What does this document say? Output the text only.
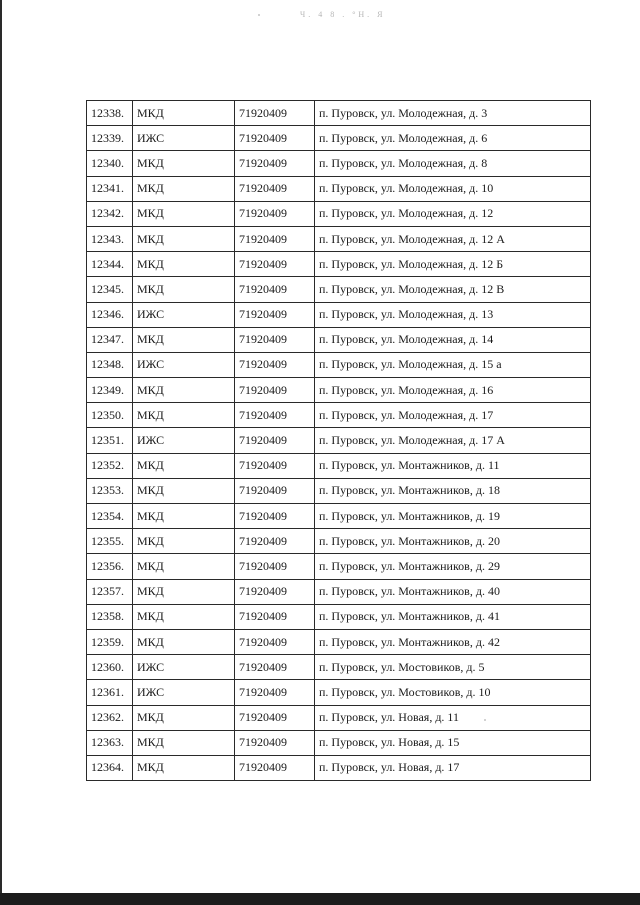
Ч. 4 8 . °Н. Я
12338.	МКД	71920409	п. Пуровск, ул. Молодежная, д. 3
12339.	ИЖС	71920409	п. Пуровск, ул. Молодежная, д. 6
12340.	МКД	71920409	п. Пуровск, ул. Молодежная, д. 8
12341.	МКД	71920409	п. Пуровск, ул. Молодежная, д. 10
12342.	МКД	71920409	п. Пуровск, ул. Молодежная, д. 12
12343.	МКД	71920409	п. Пуровск, ул. Молодежная, д. 12 А
12344.	МКД	71920409	п. Пуровск, ул. Молодежная, д. 12 Б
12345.	МКД	71920409	п. Пуровск, ул. Молодежная, д. 12 В
12346.	ИЖС	71920409	п. Пуровск, ул. Молодежная, д. 13
12347.	МКД	71920409	п. Пуровск, ул. Молодежная, д. 14
12348.	ИЖС	71920409	п. Пуровск, ул. Молодежная, д. 15 а
12349.	МКД	71920409	п. Пуровск, ул. Молодежная, д. 16
12350.	МКД	71920409	п. Пуровск, ул. Молодежная, д. 17
12351.	ИЖС	71920409	п. Пуровск, ул. Молодежная, д. 17 А
12352.	МКД	71920409	п. Пуровск, ул. Монтажников, д. 11
12353.	МКД	71920409	п. Пуровск, ул. Монтажников, д. 18
12354.	МКД	71920409	п. Пуровск, ул. Монтажников, д. 19
12355.	МКД	71920409	п. Пуровск, ул. Монтажников, д. 20
12356.	МКД	71920409	п. Пуровск, ул. Монтажников, д. 29
12357.	МКД	71920409	п. Пуровск, ул. Монтажников, д. 40
12358.	МКД	71920409	п. Пуровск, ул. Монтажников, д. 41
12359.	МКД	71920409	п. Пуровск, ул. Монтажников, д. 42
12360.	ИЖС	71920409	п. Пуровск, ул. Мостовиков, д. 5
12361.	ИЖС	71920409	п. Пуровск, ул. Мостовиков, д. 10
12362.	МКД	71920409	п. Пуровск, ул. Новая, д. 11
12363.	МКД	71920409	п. Пуровск, ул. Новая, д. 15
12364.	МКД	71920409	п. Пуровск, ул. Новая, д. 17
